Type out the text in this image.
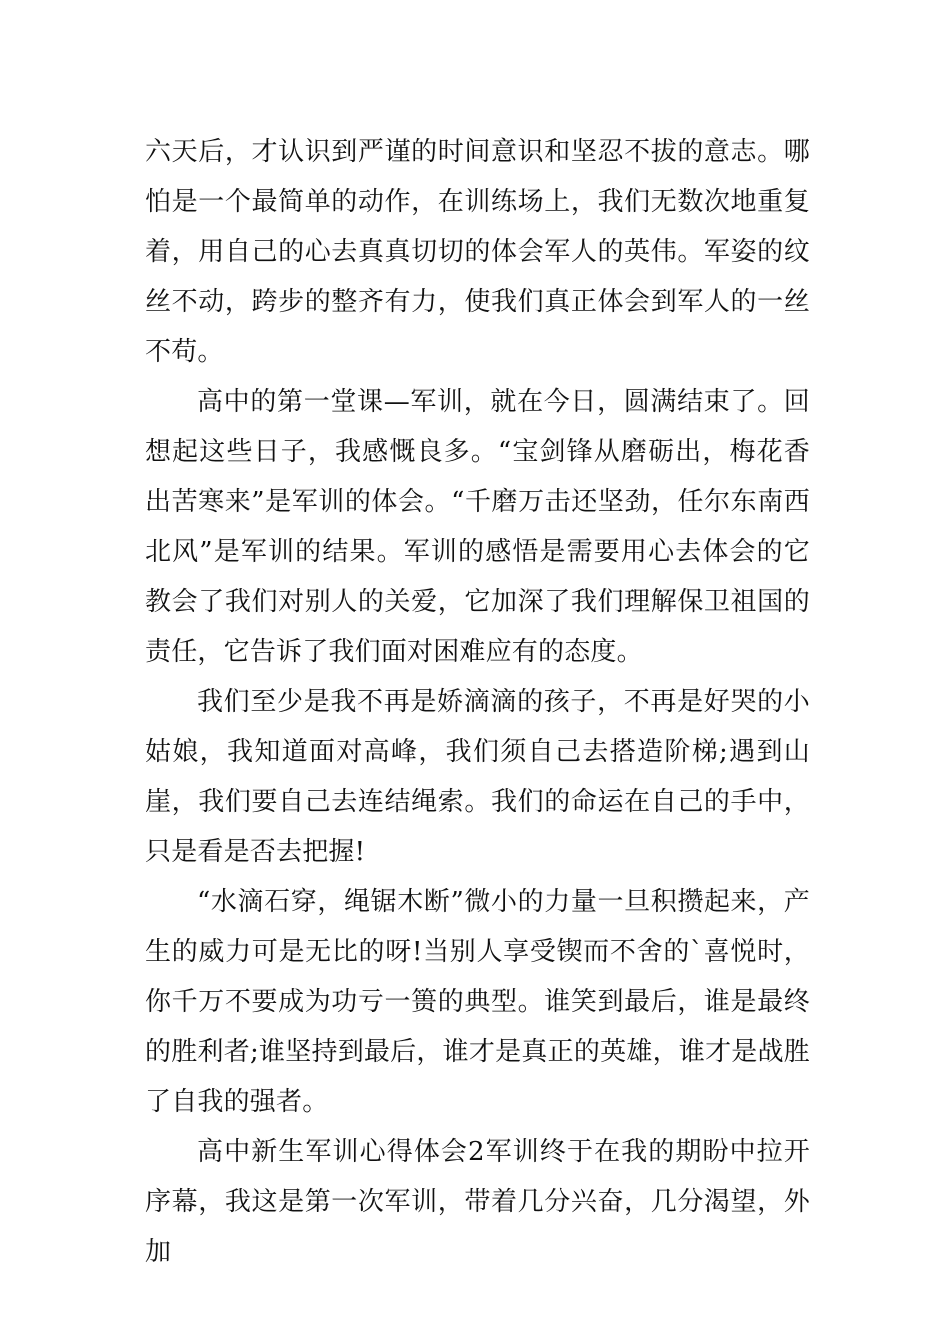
六天后，才认识到严谨的时间意识和坚忍不拔的意志。哪怕是一个最简单的动作，在训练场上，我们无数次地重复着，用自己的心去真真切切的体会军人的英伟。军姿的纹丝不动，跨步的整齐有力，使我们真正体会到军人的一丝不苟。

高中的第一堂课—军训，就在今日，圆满结束了。回想起这些日子，我感慨良多。“宝剑锋从磨砺出，梅花香出苦寒来”是军训的体会。“千磨万击还坚劲，任尔东南西北风”是军训的结果。军训的感悟是需要用心去体会的它教会了我们对别人的关爱，它加深了我们理解保卫祖国的责任，它告诉了我们面对困难应有的态度。

我们至少是我不再是娇滴滴的孩子，不再是好哭的小姑娘，我知道面对高峰，我们须自己去搭造阶梯;遇到山崖，我们要自己去连结绳索。我们的命运在自己的手中，只是看是否去把握!

“水滴石穿，绳锯木断”微小的力量一旦积攒起来，产生的威力可是无比的呀!当别人享受锲而不舍的`喜悦时，你千万不要成为功亏一篑的典型。谁笑到最后，谁是最终的胜利者;谁坚持到最后，谁才是真正的英雄，谁才是战胜了自我的强者。

高中新生军训心得体会2军训终于在我的期盼中拉开序幕，我这是第一次军训，带着几分兴奋，几分渴望，外加
